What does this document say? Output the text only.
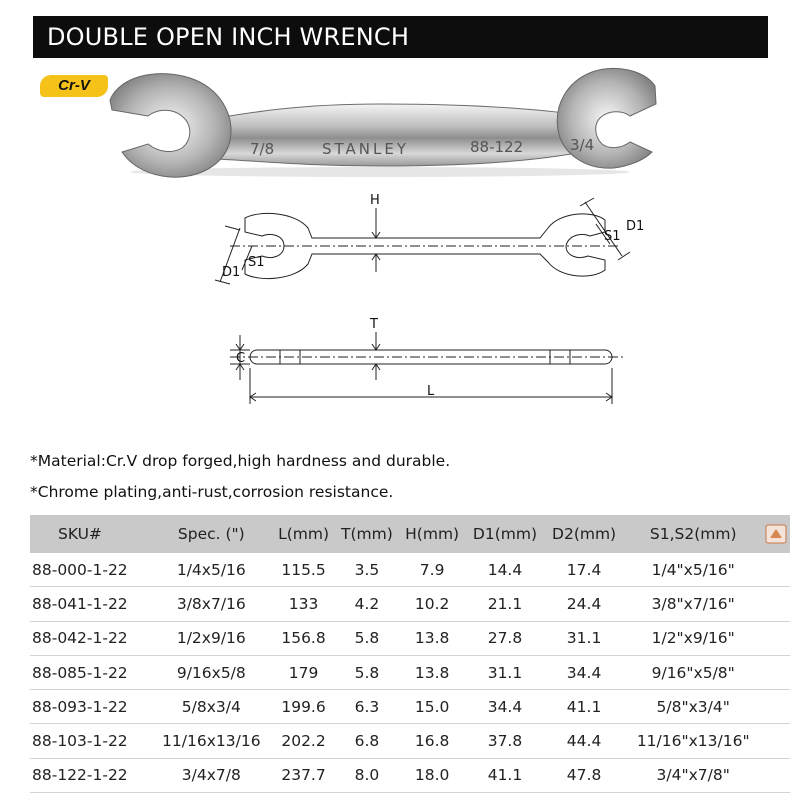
DOUBLE OPEN INCH WRENCH
Cr-V
7/8	STANLEY	88-122	3/4
H
S1
D1
S1
D1
T
C
L
*Material:Cr.V drop forged,high hardness and durable.
*Chrome plating,anti-rust,corrosion resistance.
SKU#	Spec. (")	L(mm)	T(mm)	H(mm)	D1(mm)	D2(mm)	S1,S2(mm)	
88-000-1-22	1/4x5/16	115.5	3.5	7.9	14.4	17.4	1/4"x5/16"	
88-041-1-22	3/8x7/16	133	4.2	10.2	21.1	24.4	3/8"x7/16"	
88-042-1-22	1/2x9/16	156.8	5.8	13.8	27.8	31.1	1/2"x9/16"	
88-085-1-22	9/16x5/8	179	5.8	13.8	31.1	34.4	9/16"x5/8"	
88-093-1-22	5/8x3/4	199.6	6.3	15.0	34.4	41.1	5/8"x3/4"	
88-103-1-22	11/16x13/16	202.2	6.8	16.8	37.8	44.4	11/16"x13/16"	
88-122-1-22	3/4x7/8	237.7	8.0	18.0	41.1	47.8	3/4"x7/8"	
